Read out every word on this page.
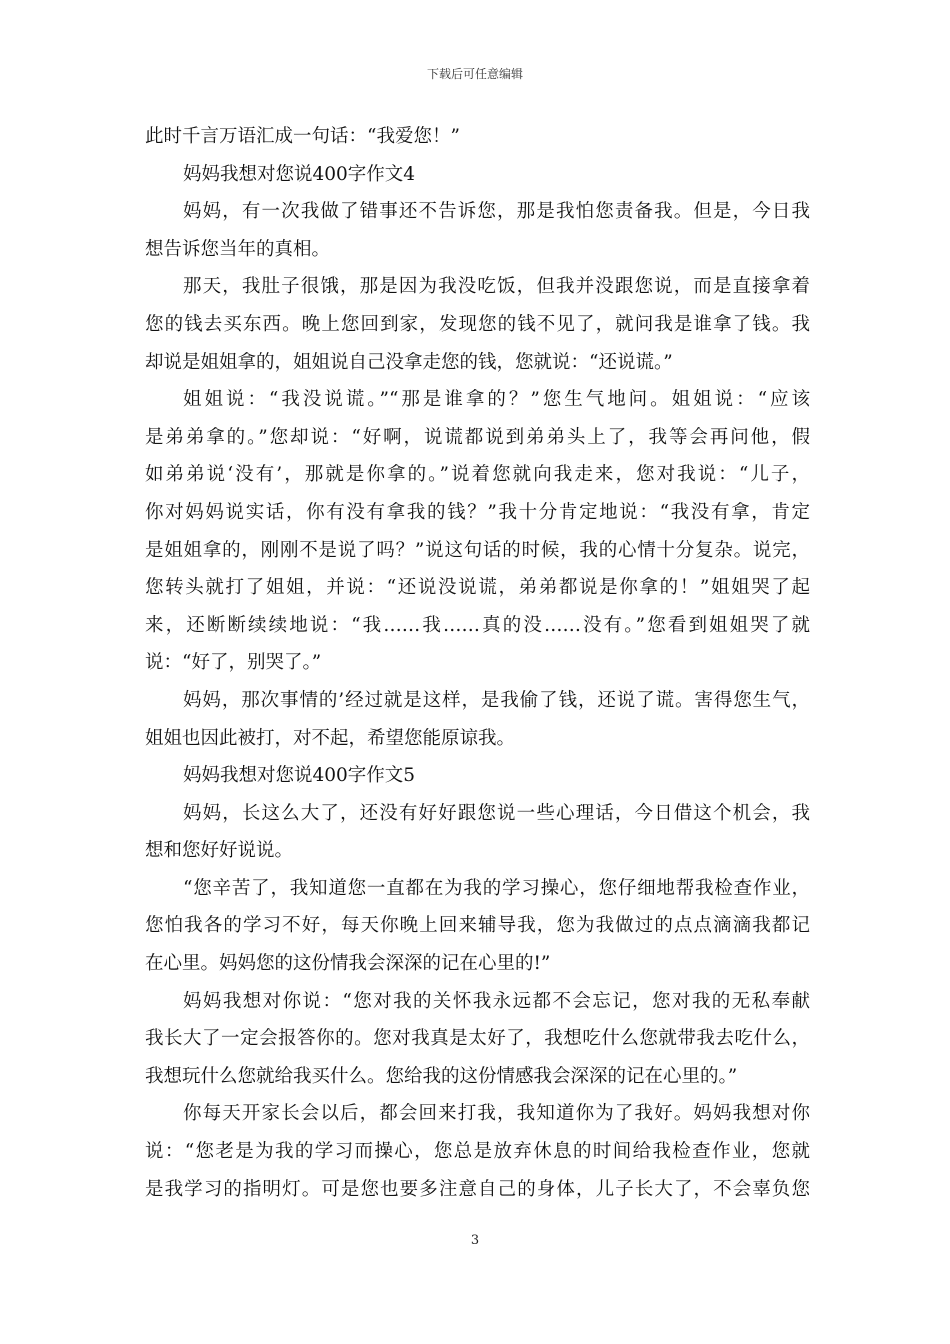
下载后可任意编辑
此时千言万语汇成一句话：“我爱您！”
妈妈我想对您说400字作文4
妈妈，有一次我做了错事还不告诉您，那是我怕您责备我。但是，今日我
想告诉您当年的真相。
那天，我肚子很饿，那是因为我没吃饭，但我并没跟您说，而是直接拿着
您的钱去买东西。晚上您回到家，发现您的钱不见了，就问我是谁拿了钱。我
却说是姐姐拿的，姐姐说自己没拿走您的钱，您就说：“还说谎。”
姐姐说：“我没说谎。”“那是谁拿的？”您生气地问。姐姐说：“应该
是弟弟拿的。”您却说：“好啊，说谎都说到弟弟头上了，我等会再问他，假
如弟弟说‘没有’，那就是你拿的。”说着您就向我走来，您对我说：“儿子，
你对妈妈说实话，你有没有拿我的钱？”我十分肯定地说：“我没有拿，肯定
是姐姐拿的，刚刚不是说了吗？”说这句话的时候，我的心情十分复杂。说完，
您转头就打了姐姐，并说：“还说没说谎，弟弟都说是你拿的！”姐姐哭了起
来，还断断续续地说：“我……我……真的没……没有。”您看到姐姐哭了就
说：“好了，别哭了。”
妈妈，那次事情的’经过就是这样，是我偷了钱，还说了谎。害得您生气，
姐姐也因此被打，对不起，希望您能原谅我。
妈妈我想对您说400字作文5
妈妈，长这么大了，还没有好好跟您说一些心理话，今日借这个机会，我
想和您好好说说。
“您辛苦了，我知道您一直都在为我的学习操心，您仔细地帮我检查作业，
您怕我各的学习不好，每天你晚上回来辅导我，您为我做过的点点滴滴我都记
在心里。妈妈您的这份情我会深深的记在心里的!”
妈妈我想对你说：“您对我的关怀我永远都不会忘记，您对我的无私奉献
我长大了一定会报答你的。您对我真是太好了，我想吃什么您就带我去吃什么，
我想玩什么您就给我买什么。您给我的这份情感我会深深的记在心里的。”
你每天开家长会以后，都会回来打我，我知道你为了我好。妈妈我想对你
说：“您老是为我的学习而操心，您总是放弃休息的时间给我检查作业，您就
是我学习的指明灯。可是您也要多注意自己的身体，儿子长大了，不会辜负您
3
